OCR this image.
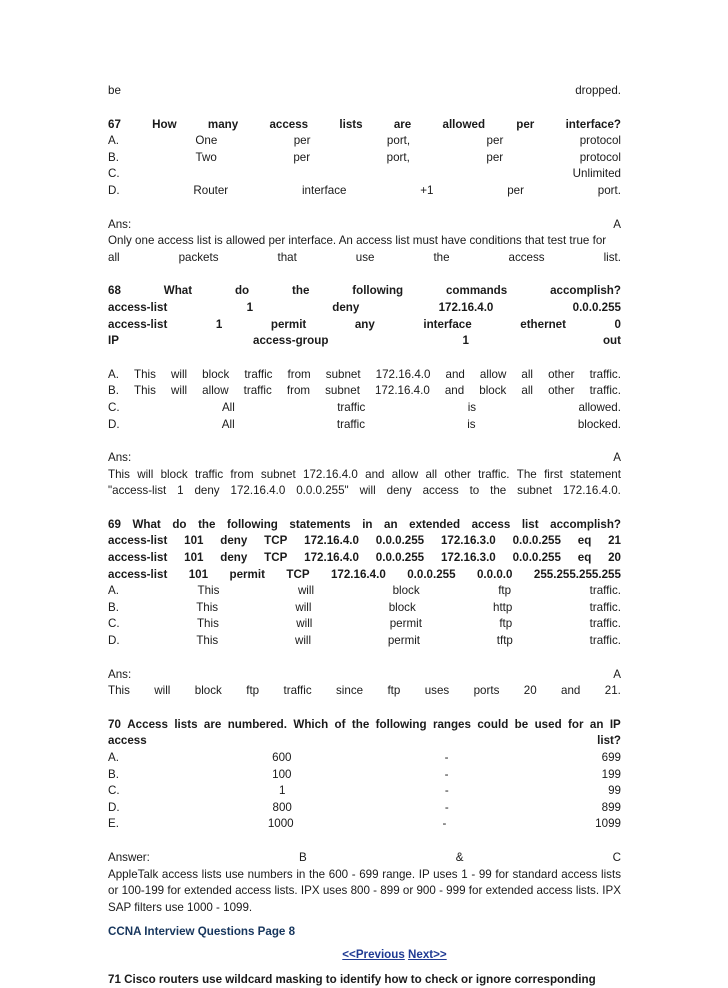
be	dropped.
67	How	many	access	lists	are	allowed	per	interface?
A.	One	per	port,	per	protocol
B.	Two	per	port,	per	protocol
C.	Unlimited
D.	Router	interface	+1	per	port.
Ans:	A
Only one access list is allowed per interface. An access list must have conditions that test true for
all	packets	that	use	the	access	list.
68	What	do	the	following	commands	accomplish?
access-list	1	deny	172.16.4.0	0.0.0.255
access-list	1	permit	any	interface	ethernet	0
IP	access-group	1	out
A. This will block traffic from subnet 172.16.4.0 and allow all other traffic.
B. This will allow traffic from subnet 172.16.4.0 and block all other traffic.
C.	All	traffic	is	allowed.
D.	All	traffic	is	blocked.
Ans:	A
This will block traffic from subnet 172.16.4.0 and allow all other traffic. The first statement
"access-list 1 deny 172.16.4.0 0.0.0.255" will deny access to the subnet 172.16.4.0.
69 What do the following statements in an extended access list accomplish?
access-list 101 deny TCP 172.16.4.0 0.0.0.255 172.16.3.0 0.0.0.255 eq 21
access-list 101 deny TCP 172.16.4.0 0.0.0.255 172.16.3.0 0.0.0.255 eq 20
access-list 101 permit TCP 172.16.4.0 0.0.0.255 0.0.0.0 255.255.255.255
A.	This	will	block	ftp	traffic.
B.	This	will	block	http	traffic.
C.	This	will	permit	ftp	traffic.
D.	This	will	permit	tftp	traffic.
Ans:	A
This will block ftp traffic since ftp uses ports 20 and 21.
70 Access lists are numbered. Which of the following ranges could be used for an IP
access	list?
A.	600	-	699
B.	100	-	199
C.	1	-	99
D.	800	-	899
E.	1000	-	1099
Answer:	B	&	C
AppleTalk access lists use numbers in the 600 - 699 range. IP uses 1 - 99 for standard access lists or 100-199 for extended access lists. IPX uses 800 - 899 or 900 - 999 for extended access lists. IPX SAP filters use 1000 - 1099.
CCNA Interview Questions Page 8
<<Previous Next>>
71 Cisco routers use wildcard masking to identify how to check or ignore corresponding
